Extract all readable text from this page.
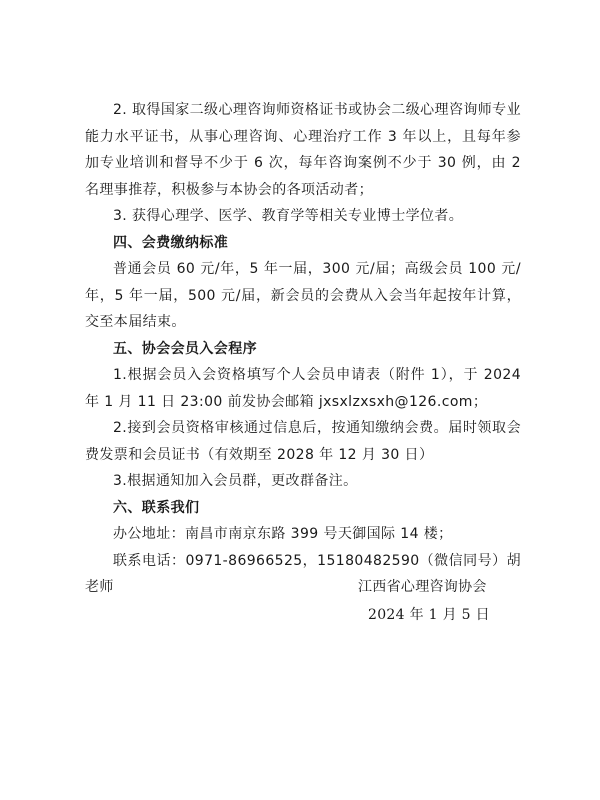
2. 取得国家二级心理咨询师资格证书或协会二级心理咨询师专业能力水平证书，从事心理咨询、心理治疗工作 3 年以上，且每年参加专业培训和督导不少于 6 次，每年咨询案例不少于 30 例，由 2 名理事推荐，积极参与本协会的各项活动者；

3. 获得心理学、医学、教育学等相关专业博士学位者。

四、会费缴纳标准

普通会员 60 元/年，5 年一届，300 元/届；高级会员 100 元/年，5 年一届，500 元/届，新会员的会费从入会当年起按年计算，交至本届结束。

五、协会会员入会程序

1.根据会员入会资格填写个人会员申请表（附件 1），于 2024 年 1 月 11 日 23:00 前发协会邮箱 jxsxlzxsxh@126.com；

2.接到会员资格审核通过信息后，按通知缴纳会费。届时领取会费发票和会员证书（有效期至 2028 年 12 月 30 日）

3.根据通知加入会员群，更改群备注。

六、联系我们

办公地址：南昌市南京东路 399 号天御国际 14 楼；

联系电话：0971-86966525，15180482590（微信同号）胡老师	江西省心理咨询协会
2024 年 1 月 5 日
